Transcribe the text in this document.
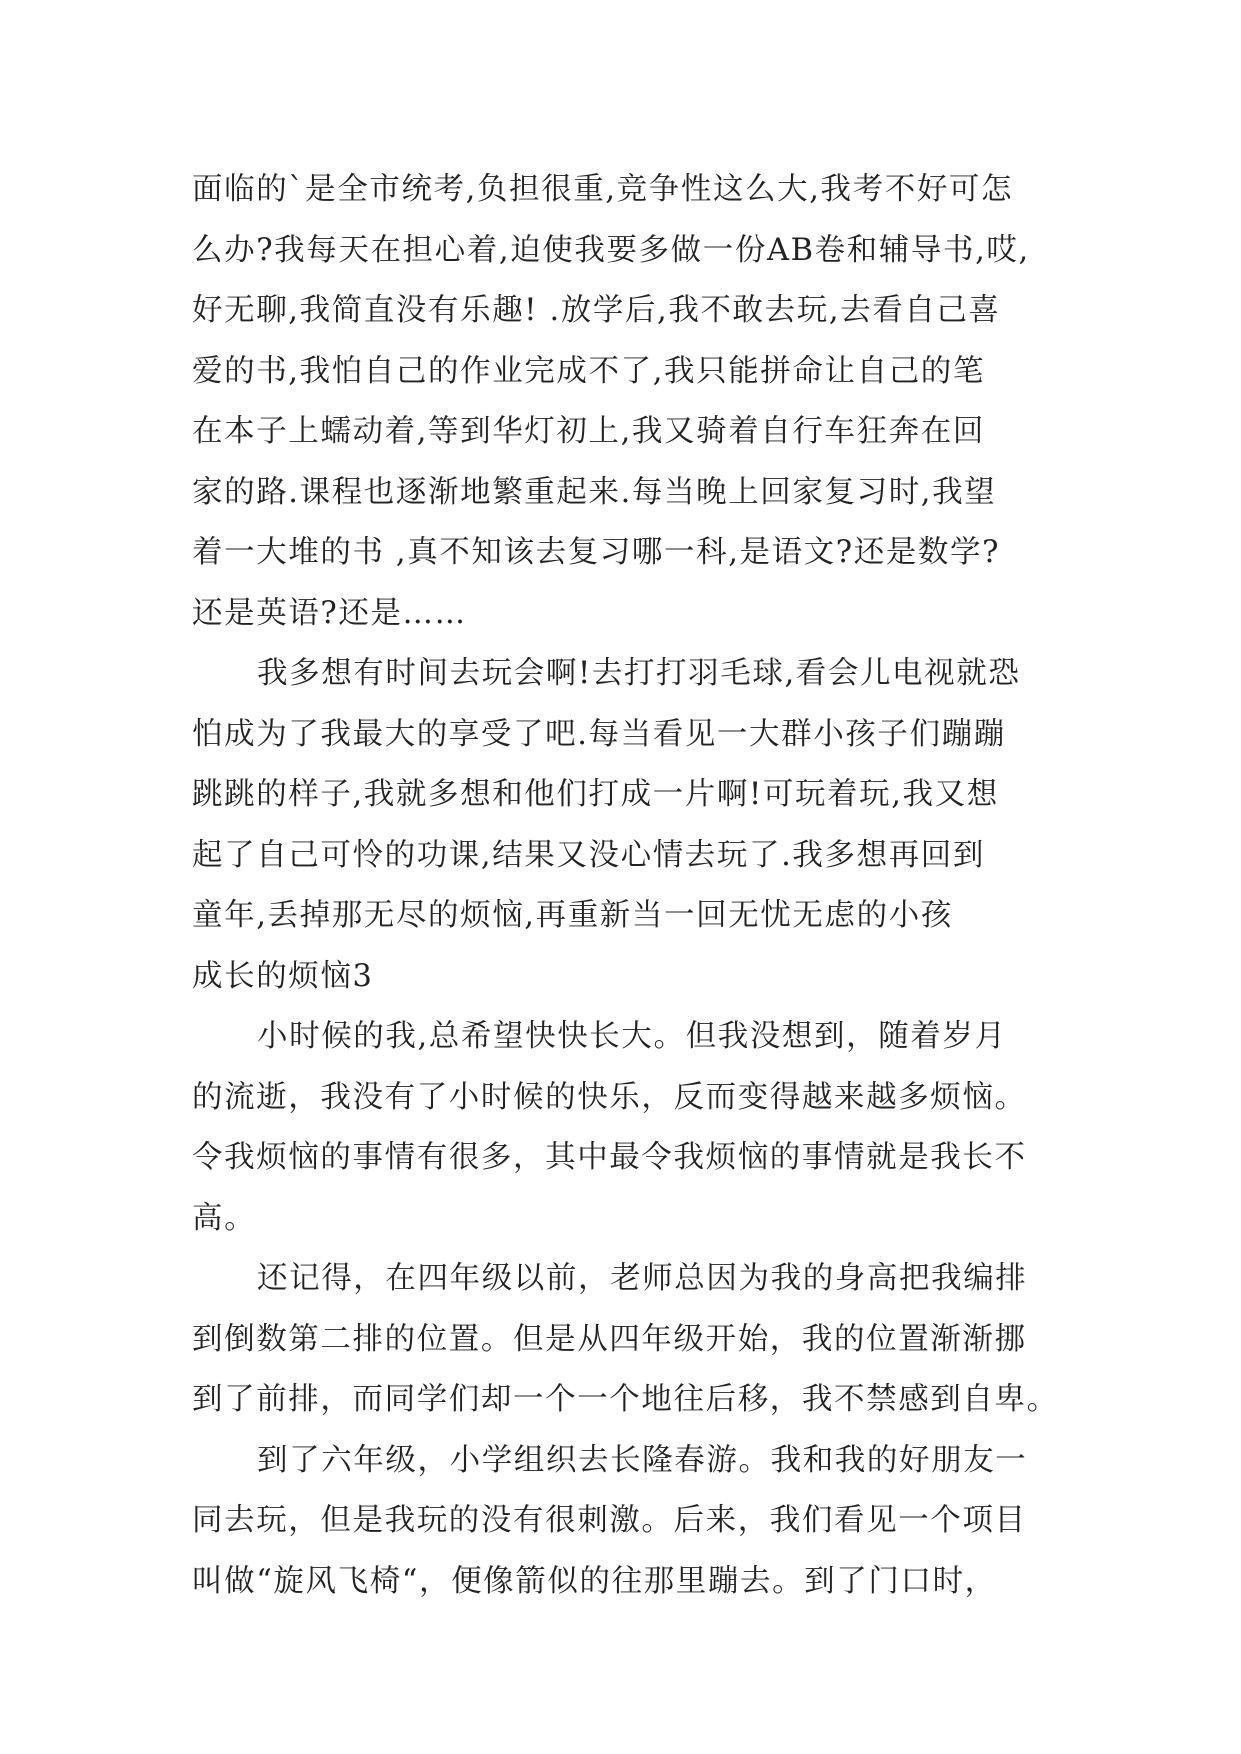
面临的`是全市统考,负担很重,竞争性这么大,我考不好可怎
么办?我每天在担心着,迫使我要多做一份AB卷和辅导书,哎,
好无聊,我简直没有乐趣! .放学后,我不敢去玩,去看自己喜
爱的书,我怕自己的作业完成不了,我只能拼命让自己的笔
在本子上蠕动着,等到华灯初上,我又骑着自行车狂奔在回
家的路.课程也逐渐地繁重起来.每当晚上回家复习时,我望
着一大堆的书 ,真不知该去复习哪一科,是语文?还是数学?
还是英语?还是……
我多想有时间去玩会啊!去打打羽毛球,看会儿电视就恐
怕成为了我最大的享受了吧.每当看见一大群小孩子们蹦蹦
跳跳的样子,我就多想和他们打成一片啊!可玩着玩,我又想
起了自己可怜的功课,结果又没心情去玩了.我多想再回到
童年,丢掉那无尽的烦恼,再重新当一回无忧无虑的小孩
成长的烦恼3
小时候的我,总希望快快长大。但我没想到，随着岁月
的流逝，我没有了小时候的快乐，反而变得越来越多烦恼。
令我烦恼的事情有很多，其中最令我烦恼的事情就是我长不
高。
还记得，在四年级以前，老师总因为我的身高把我编排
到倒数第二排的位置。但是从四年级开始，我的位置渐渐挪
到了前排，而同学们却一个一个地往后移，我不禁感到自卑。
到了六年级，小学组织去长隆春游。我和我的好朋友一
同去玩，但是我玩的没有很刺激。后来，我们看见一个项目
叫做“旋风飞椅“，便像箭似的往那里蹦去。到了门口时，
